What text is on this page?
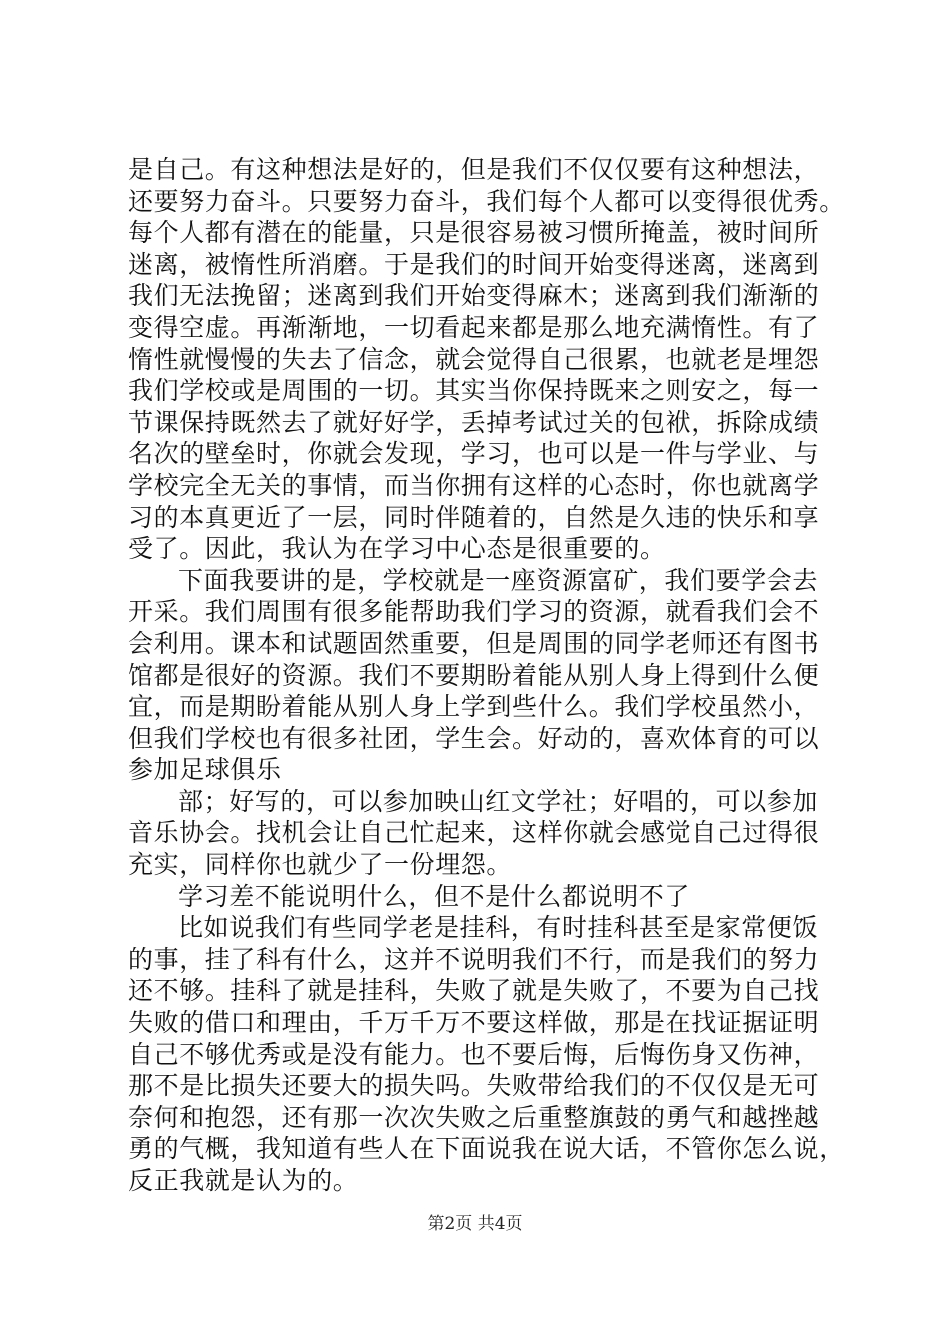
是自己。有这种想法是好的，但是我们不仅仅要有这种想法，
还要努力奋斗。只要努力奋斗，我们每个人都可以变得很优秀。
每个人都有潜在的能量，只是很容易被习惯所掩盖，被时间所
迷离，被惰性所消磨。于是我们的时间开始变得迷离，迷离到
我们无法挽留；迷离到我们开始变得麻木；迷离到我们渐渐的
变得空虚。再渐渐地，一切看起来都是那么地充满惰性。有了
惰性就慢慢的失去了信念，就会觉得自己很累，也就老是埋怨
我们学校或是周围的一切。其实当你保持既来之则安之，每一
节课保持既然去了就好好学，丢掉考试过关的包袱，拆除成绩
名次的壁垒时，你就会发现，学习，也可以是一件与学业、与
学校完全无关的事情，而当你拥有这样的心态时，你也就离学
习的本真更近了一层，同时伴随着的，自然是久违的快乐和享
受了。因此，我认为在学习中心态是很重要的。
下面我要讲的是，学校就是一座资源富矿，我们要学会去
开采。我们周围有很多能帮助我们学习的资源，就看我们会不
会利用。课本和试题固然重要，但是周围的同学老师还有图书
馆都是很好的资源。我们不要期盼着能从别人身上得到什么便
宜，而是期盼着能从别人身上学到些什么。我们学校虽然小，
但我们学校也有很多社团，学生会。好动的，喜欢体育的可以
参加足球俱乐
部；好写的，可以参加映山红文学社；好唱的，可以参加
音乐协会。找机会让自己忙起来，这样你就会感觉自己过得很
充实，同样你也就少了一份埋怨。
学习差不能说明什么，但不是什么都说明不了
比如说我们有些同学老是挂科，有时挂科甚至是家常便饭
的事，挂了科有什么，这并不说明我们不行，而是我们的努力
还不够。挂科了就是挂科，失败了就是失败了，不要为自己找
失败的借口和理由，千万千万不要这样做，那是在找证据证明
自己不够优秀或是没有能力。也不要后悔，后悔伤身又伤神，
那不是比损失还要大的损失吗。失败带给我们的不仅仅是无可
奈何和抱怨，还有那一次次失败之后重整旗鼓的勇气和越挫越
勇的气概，我知道有些人在下面说我在说大话，不管你怎么说，
反正我就是认为的。
第2页 共4页
